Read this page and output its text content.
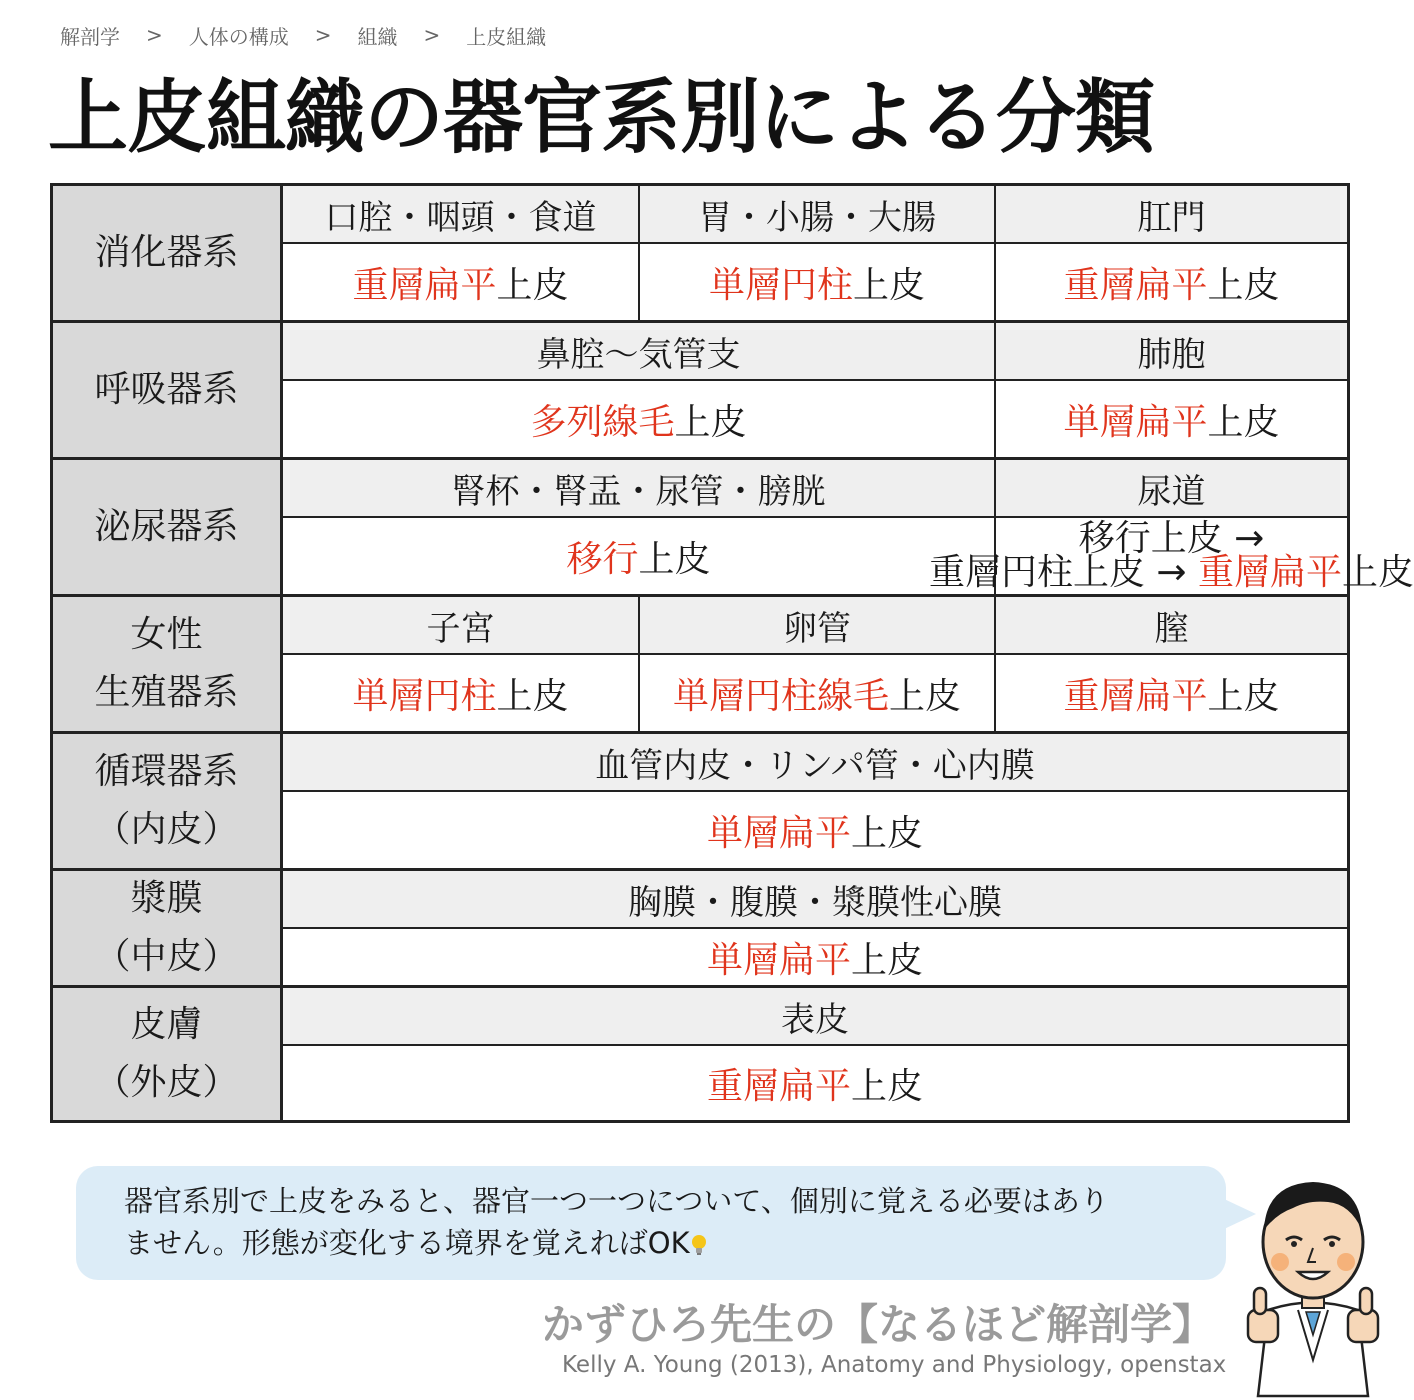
解剖学 > 人体の構成 > 組織 > 上皮組織
上皮組織の器官系別による分類
消化器系
口腔・咽頭・食道	胃・小腸・大腸	肛門
重層扁平 上皮	単層円柱 上皮	重層扁平 上皮
呼吸器系
鼻腔〜気管支	肺胞
多列線毛 上皮	単層扁平 上皮
泌尿器系
腎杯・腎盂・尿管・膀胱	尿道
移行 上皮	移行上皮 →
重層円柱上皮 → 重層扁平上皮
女性
生殖器系
子宮	卵管	膣
単層円柱 上皮	単層円柱線毛 上皮	重層扁平 上皮
循環器系
（内皮）
血管内皮・リンパ管・心内膜
単層扁平 上皮
漿膜
（中皮）
胸膜・腹膜・漿膜性心膜
単層扁平 上皮
皮膚
（外皮）
表皮
重層扁平 上皮
器官系別で上皮をみると、器官一つ一つについて、個別に覚える必要はあり
ません。形態が変化する境界を覚えればOK
かずひろ先生の【なるほど解剖学】
Kelly A. Young (2013), Anatomy and Physiology, openstax
